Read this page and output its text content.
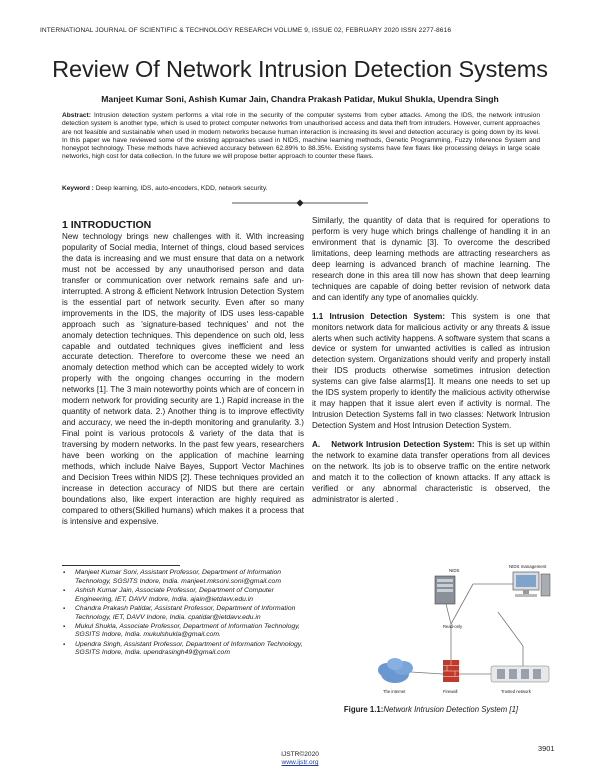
INTERNATIONAL JOURNAL OF SCIENTIFIC & TECHNOLOGY RESEARCH VOLUME 9, ISSUE 02, FEBRUARY 2020 ISSN 2277-8616
Review Of Network Intrusion Detection Systems
Manjeet Kumar Soni, Ashish Kumar Jain, Chandra Prakash Patidar, Mukul Shukla, Upendra Singh
Abstract: Intrusion detection system performs a vital role in the security of the computer systems from cyber attacks. Among the IDS, the network intrusion detection system is another type, which is used to protect computer networks from unauthorised access and data theft from intruders. However, current approaches are not feasible and sustainable when used in modern networks because human interaction is increasing its level and detection accuracy is going down by its level. In this paper we have reviewed some of the existing approaches used in NIDS, machine learning methods, Genetic Programming, Fuzzy Inference System and honeypot technology. These methods have achieved accuracy between 62.89% to 88.35%. Existing systems have few flaws like processing delays in large scale networks, high cost for data collection. In the future we will propose better approach to counter these flaws.
Keyword : Deep learning, IDS, auto-encoders, KDD, network security.
1 INTRODUCTION

New technology brings new challenges with it. With increasing popularity of Social media, Internet of things, cloud based services the data is increasing and we must ensure that data on a network must not be accessed by any unauthorised person and data transfer or communication over network remains safe and un-interrupted. A strong & efficient Network Intrusion Detection System is the essential part of network security. Even after so many improvements in the IDS, the majority of IDS uses less-capable approach such as 'signature-based techniques' and not the anomaly detection techniques. This dependence on such old, less capable and outdated techniques gives inefficient and less accurate detection. Therefore to overcome these we need an anomaly detection method which can be accepted widely to work properly with the ongoing changes occurring in the modern networks [1]. The 3 main noteworthy points which are of concern in modern network for providing security are 1.) Rapid increase in the quantity of network data. 2.) Another thing is to improve effectivity and accuracy, we need the in-depth monitoring and granularity. 3.) Final point is various protocols & variety of the data that is traversing by modern networks. In the past few years, researchers have been working on the application of machine learning methods, which include Naive Bayes, Support Vector Machines and Decision Trees within NIDS [2]. These techniques provided an increase in detection accuracy of NIDS but there are certain boundations also, like expert interaction are highly required as compared to others(Skilled humans) which makes it a process that is intensive and expensive.

Similarly, the quantity of data that is required for operations to perform is very huge which brings challenge of handling it in an environment that is dynamic [3]. To overcome the described limitations, deep learning methods are attracting researchers as deep learning is advanced branch of machine learning. The research done in this area till now has shown that deep learning techniques are capable of doing better revision of network data and can identify any type of anomalies quickly.

1.1 Intrusion Detection System: This system is one that monitors network data for malicious activity or any threats & issue alerts when such activity happens. A software system that scans a device or system for unwanted activities is called as intrusion detection system. Organizations should verify and properly install their IDS products otherwise sometimes intrusion detection systems can give false alarms[1]. It means one needs to set up the IDS system properly to identify the malicious activity otherwise it may happen that it issue alert even if activity is normal. The Intrusion Detection Systems fall in two classes: Network Intrusion Detection System and Host Intrusion Detection System.

A. Network Intrusion Detection System: This is set up within the network to examine data transfer operations from all devices on the network. Its job is to observe traffic on the entire network and match it to the collection of known attacks. If any attack is verified or any abnormal characteristic is observed, the administrator is alerted .

▪ Manjeet Kumar Soni, Assistant Professor, Department of Information Technology, SGSITS Indore, India. manjeet.mksoni.soni@gmail.com
▪ Ashish Kumar Jain, Associate Professor, Department of Computer Engineering, IET, DAVV Indore, India. ajain@ietdavv.edu.in
▪ Chandra Prakash Patidar, Assistant Professor, Department of Information Technology, IET, DAVV Indore, India. cpatidar@ietdavv.edu.in
▪ Mukul Shukla, Associate Professor, Department of Information Technology, SGSITS Indore, India. mukulshukla@gmail.com.
▪ Upendra Singh, Assistant Professor, Department of Information Technology, SGSITS Indore, India. upendrasingh49@gmail.com
NIDS
NIDS management
Read-only
The internet	Firewall	Trusted network
Figure 1.1:Network Intrusion Detection System [1]
3901
IJSTR©2020
www.ijstr.org
